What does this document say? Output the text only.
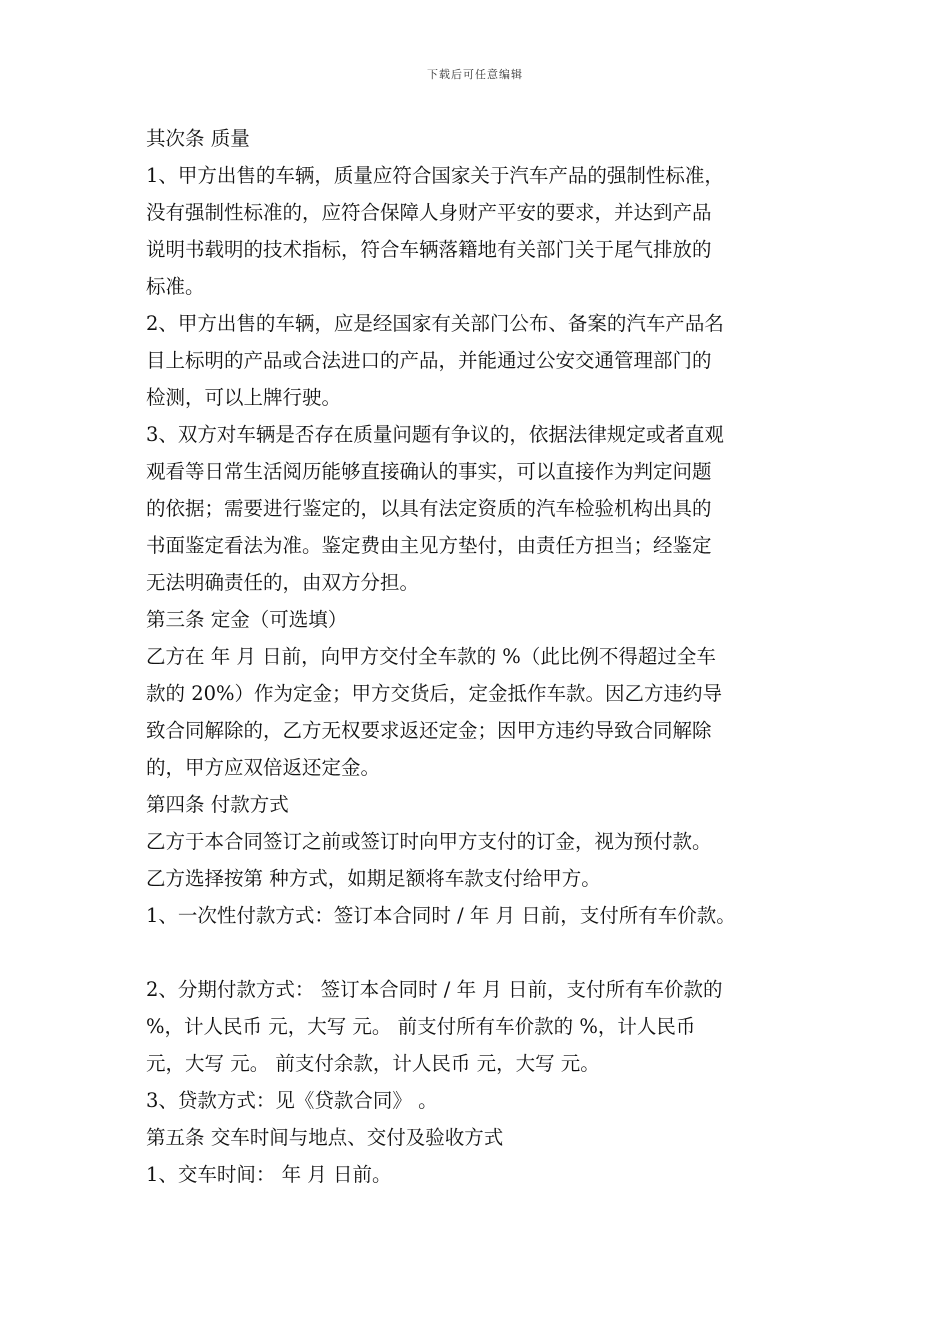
下载后可任意编辑
其次条 质量
1、甲方出售的车辆，质量应符合国家关于汽车产品的强制性标准，
没有强制性标准的，应符合保障人身财产平安的要求，并达到产品
说明书载明的技术指标，符合车辆落籍地有关部门关于尾气排放的
标准。
2、甲方出售的车辆，应是经国家有关部门公布、备案的汽车产品名
目上标明的产品或合法进口的产品，并能通过公安交通管理部门的
检测，可以上牌行驶。
3、双方对车辆是否存在质量问题有争议的，依据法律规定或者直观
观看等日常生活阅历能够直接确认的事实，可以直接作为判定问题
的依据；需要进行鉴定的，以具有法定资质的汽车检验机构出具的
书面鉴定看法为准。鉴定费由主见方垫付，由责任方担当；经鉴定
无法明确责任的，由双方分担。
第三条 定金（可选填）
乙方在 年 月 日前，向甲方交付全车款的 %（此比例不得超过全车
款的 20%）作为定金；甲方交货后，定金抵作车款。因乙方违约导
致合同解除的，乙方无权要求返还定金；因甲方违约导致合同解除
的，甲方应双倍返还定金。
第四条 付款方式
乙方于本合同签订之前或签订时向甲方支付的订金，视为预付款。
乙方选择按第 种方式，如期足额将车款支付给甲方。
1、一次性付款方式：签订本合同时 / 年 月 日前，支付所有车价款。
2、分期付款方式： 签订本合同时 / 年 月 日前，支付所有车价款的
%，计人民币 元，大写 元。 前支付所有车价款的 %，计人民币
元，大写 元。 前支付余款，计人民币 元，大写 元。
3、贷款方式：见《贷款合同》 。
第五条 交车时间与地点、交付及验收方式
1、交车时间： 年 月 日前。
